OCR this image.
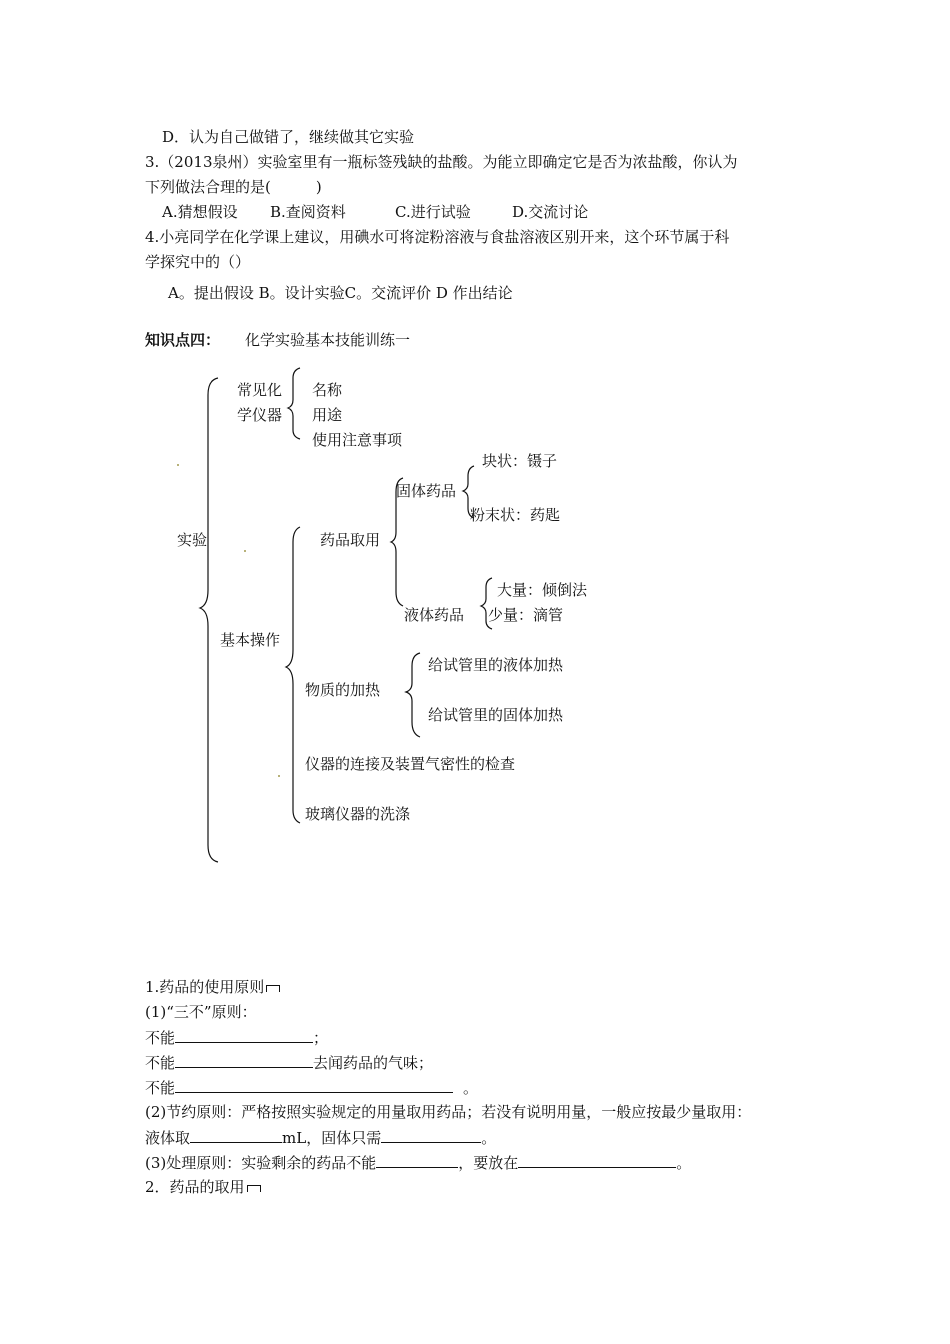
D．认为自己做错了，继续做其它实验
3.（2013泉州）实验室里有一瓶标签残缺的盐酸。为能立即确定它是否为浓盐酸，你认为
下列做法合理的是(　　　)
A.猜想假设 B.查阅资料	C.进行试验	D.交流讨论
4.小亮同学在化学课上建议，用碘水可将淀粉溶液与食盐溶液区别开来，这个环节属于科
学探究中的（）
A。提出假设 B。设计实验C。交流评价 D 作出结论
知识点四： 化学实验基本技能训练一
实验
常见化
学仪器
名称
用途
使用注意事项
基本操作
药品取用
固体药品
块状：镊子
粉末状：药匙
液体药品
大量：倾倒法
少量：滴管
物质的加热
给试管里的液体加热
给试管里的固体加热
仪器的连接及装置气密性的检查
玻璃仪器的洗涤
1.药品的使用原则
(1)“三不”原则：
不能	；
不能	去闻药品的气味；
不能	。
(2)节约原则：严格按照实验规定的用量取用药品；若没有说明用量，一般应按最少量取用：
液体取	mL，固体只需	。
(3)处理原则：实验剩余的药品不能	，要放在	。
2．药品的取用
